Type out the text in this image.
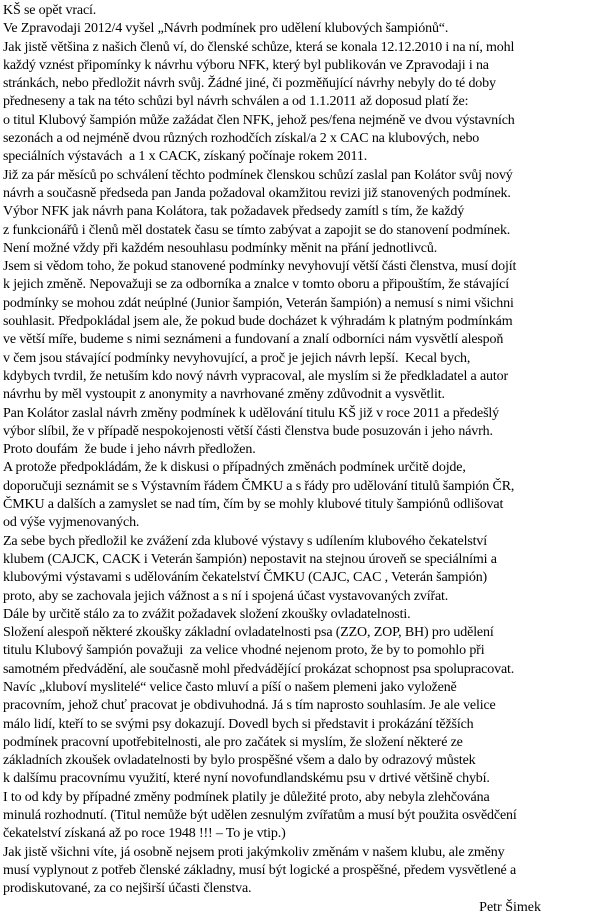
KŠ se opět vrací.
Ve Zpravodaji 2012/4 vyšel „Návrh podmínek pro udělení klubových šampiónů“.
Jak jistě většina z našich členů ví, do členské schůze, která se konala 12.12.2010 i na ní, mohl
každý vznést připomínky k návrhu výboru NFK, který byl publikován ve Zpravodaji i na
stránkách, nebo předložit návrh svůj. Žádné jiné, či pozměňující návrhy nebyly do té doby
předneseny a tak na této schůzi byl návrh schválen a od 1.1.2011 až doposud platí že:
o titul Klubový šampión může zažádat člen NFK, jehož pes/fena nejméně ve dvou výstavních
sezonách a od nejméně dvou různých rozhodčích získal/a 2 x CAC na klubových, nebo
speciálních výstavách  a 1 x CACK, získaný počínaje rokem 2011.
Již za pár měsíců po schválení těchto podmínek členskou schůzí zaslal pan Kolátor svůj nový
návrh a současně předseda pan Janda požadoval okamžitou revizi již stanovených podmínek.
Výbor NFK jak návrh pana Kolátora, tak požadavek předsedy zamítl s tím, že každý
z funkcionářů i členů měl dostatek času se tímto zabývat a zapojit se do stanovení podmínek.
Není možné vždy při každém nesouhlasu podmínky měnit na přání jednotlivců.
Jsem si vědom toho, že pokud stanovené podmínky nevyhovují větší části členstva, musí dojít
k jejich změně. Nepovažuji se za odborníka a znalce v tomto oboru a připouštím, že stávající
podmínky se mohou zdát neúplné (Junior šampión, Veterán šampión) a nemusí s nimi všichni
souhlasit. Předpokládal jsem ale, že pokud bude docházet k výhradám k platným podmínkám
ve větší míře, budeme s nimi seznámeni a fundovaní a znalí odborníci nám vysvětlí alespoň
v čem jsou stávající podmínky nevyhovující, a proč je jejich návrh lepší.  Kecal bych,
kdybych tvrdil, že netuším kdo nový návrh vypracoval, ale myslím si že předkladatel a autor
návrhu by měl vystoupit z anonymity a navrhované změny zdůvodnit a vysvětlit.
Pan Kolátor zaslal návrh změny podmínek k udělování titulu KŠ již v roce 2011 a předešlý
výbor slíbil, že v případě nespokojenosti větší části členstva bude posuzován i jeho návrh.
Proto doufám  že bude i jeho návrh předložen.
A protože předpokládám, že k diskusi o případných změnách podmínek určitě dojde,
doporučuji seznámit se s Výstavním řádem ČMKU a s řády pro udělování titulů šampión ČR,
ČMKU a dalších a zamyslet se nad tím, čím by se mohly klubové tituly šampiónů odlišovat
od výše vyjmenovaných.
Za sebe bych předložil ke zvážení zda klubové výstavy s udílením klubového čekatelství
klubem (CAJCK, CACK i Veterán šampión) nepostavit na stejnou úroveň se speciálními a
klubovými výstavami s udělováním čekatelství ČMKU (CAJC, CAC , Veterán šampión)
proto, aby se zachovala jejich vážnost a s ní i spojená účast vystavovaných zvířat.
Dále by určitě stálo za to zvážit požadavek složení zkoušky ovladatelnosti.
Složení alespoň některé zkoušky základní ovladatelnosti psa (ZZO, ZOP, BH) pro udělení
titulu Klubový šampión považuji  za velice vhodné nejenom proto, že by to pomohlo při
samotném předvádění, ale současně mohl předvádějící prokázat schopnost psa spolupracovat.
Navíc „kluboví myslitelé“ velice často mluví a píší o našem plemeni jako vyloženě
pracovním, jehož chuť pracovat je obdivuhodná. Já s tím naprosto souhlasím. Je ale velice
málo lidí, kteří to se svými psy dokazují. Dovedl bych si představit i prokázání těžších
podmínek pracovní upotřebitelnosti, ale pro začátek si myslím, že složení některé ze
základních zkoušek ovladatelnosti by bylo prospěšné všem a dalo by odrazový můstek
k dalšímu pracovnímu využití, které nyní novofundlandskému psu v drtivé většině chybí.
I to od kdy by případné změny podmínek platily je důležité proto, aby nebyla zlehčována
minulá rozhodnutí. (Titul nemůže být udělen zesnulým zvířatům a musí být použita osvědčení
čekatelství získaná až po roce 1948 !!! – To je vtip.)
Jak jistě všichni víte, já osobně nejsem proti jakýmkoliv změnám v našem klubu, ale změny
musí vyplynout z potřeb členské základny, musí být logické a prospěšné, předem vysvětlené a
prodiskutované, za co nejširší účasti členstva.
Petr Šimek
